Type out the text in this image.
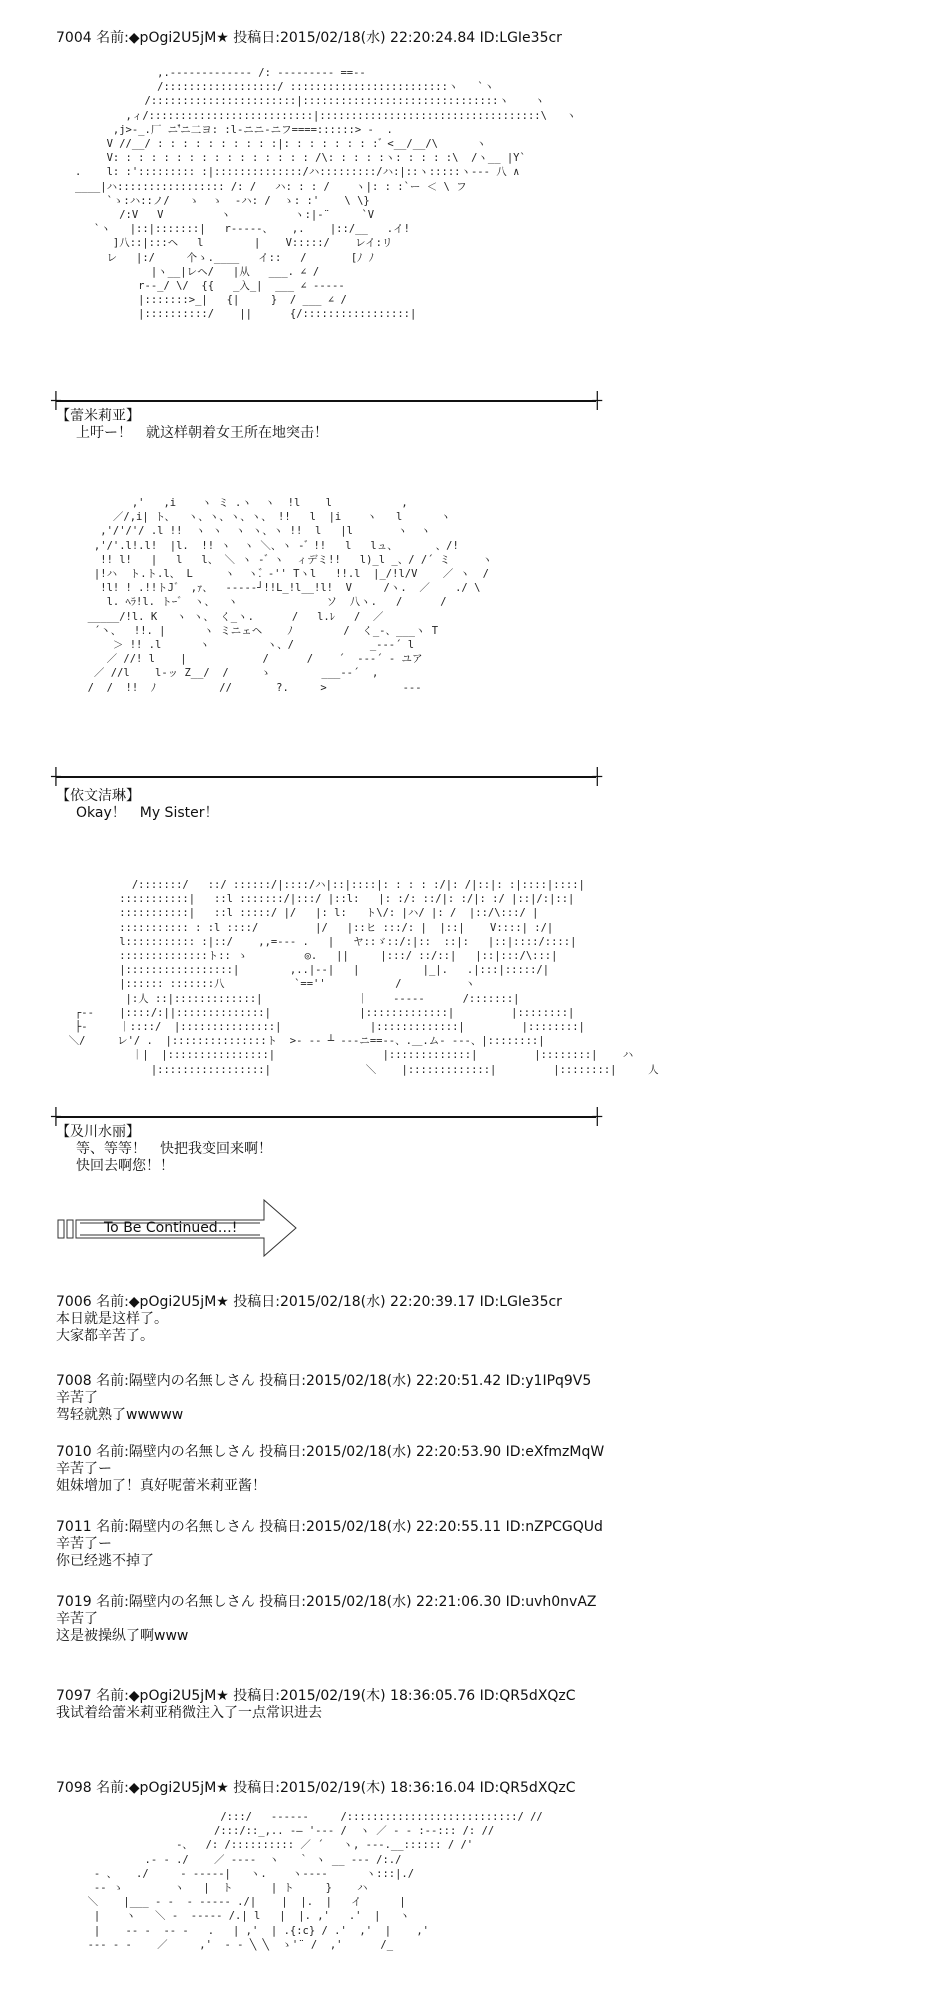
7004 名前:◆pOgi2U5jM★ 投稿日:2015/02/18(水) 22:20:24.84 ID:LGIe35cr
,.-‐‐‐‐‐‐‐‐‐‐-‐ /: ‐‐‐‐‐‐‐‐‐ ==-‐
/::::::::::::::::::/ :::::::::::::::::::::::::ヽ   `ヽ
/:::::::::::::::::::::::|:::::::::::::::::::::::::::::::ヽ    ヽ
,ィ/::::::::::::::::::::::::::|:::::::::::::::::::::::::::::::::::\   ヽ
,j>‐_.厂 ニ'゙ニ二ヨ: :l‐ニニ‐ニフ====::::::> ‐  .
V //__/ : : : : : : : : : :|: : : : : : : : ゙ <__/__/\      ヽ
V: : : : : : : : : : : : : : : : /\: : : : :ヽ: : : : :\  /ヽ__ |Y`
.    l: :'::::::::: :|::::::::::::::/ハ:::::::::/ハ:|::ヽ:::::ヽ‐‐‐ 八 ∧
____|ハ::::::::::::::::: /: /   ハ: : : /    ヽ|: : :`ー ＜ \ フ
`ゝ:ハ::ノ/   ゝ  ゝ  ‐ハ: /  ゝ: :'    \ \}
/:V   V         ヽ          ヽ:|‐¨     `V
`ヽ   |::|:::::::|   r‐‐‐‐-、   ,.    |::/__   .イ!
]八::|:::ヘ   l        |    V:::::/    レイ:リ
レ   |:/     个ゝ.____   イ::   /       [ﾉ ﾉ
|ヽ__|レヘ/   |从   ___. ∠ /
r‐-_/ \/  {{   _入_|  ___ ∠ ‐‐‐‐‐
|:::::::>_|   {|     }  / ___ ∠ /
|::::::::::/    ||      {/:::::::::::::::::|
┼	┼
【蕾米莉亚】
上吁ー！　就这样朝着女王所在地突击！
,'   ,i    ヽ ミ .ヽ  ヽ  !l    l           ,
／/,i| ト、  ヽ、ヽ、ヽ、ヽ、 !!   l  |i    ヽ   l      ヽ
,'/'/'/ .l !!  ヽ ヽ  ヽ ヽ、ヽ !!  l   |l       ヽ  ヽ
,'/'.l!.l!  |l.  !! ヽ  ヽ ＼、ヽ ‐ ゙ !!   l   lュ、      、/!
!! l!   |   l   l、 ＼ ヽ ‐ ゙ ヽ  ィデミ!!   l)_l _、/ /´ ミ     ヽ
|!ハ  ト.ト.l、 L     ヽ  ヽ.゙ ‐'' Tヽl   !!.l  |_/!l/V    ／ ヽ  /
!l! ! .!!トJ゛ ,ｧ、  ‐‐‐‐‐┘!!L_!l__!l!  V     /ヽ.  ／    ./ \
l. ﾍﾗ!l. トｰ゛ ヽ、  ヽ              ソ  八ヽ.   /      /
_____/!l. K   ヽ ヽ、 く_ヽ.      /   l.ﾚ   /  ／
´丶、  !!. |      ヽ ミニェヘ    ﾉ        /  く_‐、___ヽ T
＞ !! .l      ヽ         ヽ、/            _‐‐‐´ l
／ //! l    |            /      /    ´  ‐‐‐´ ‐ ユア
／ //l    l‐ッ Z__/  /     ゝ        ___‐‐´  ,
/  /  !!  ﾉ          //       ?.     >            ‐‐‐
┼	┼
【依文洁琳】
Okay！　My Sister！
/:::::::/   ::/ ::::::/|::::/ハ|::|::::|: : : : :/|: /|::|: :|::::|::::|
:::::::::::|   ::l :::::::/|:::/ |::l:   |: :/: ::/|: :/|: :/ |::|/:|::|
:::::::::::|   ::l :::::/ |/   |: l:   ト\/: |ハ/ |: /  |::/\:::/ |
::::::::::: : :l ::::/         |/   |::ヒ :::/: |  |::|    V::::| :/|
l::::::::::: :|::/    ,,=‐‐‐ .   |   ヤ::ゞ::/:|::  ::|:   |::|::::/::::|
::::::::::::::ト:: ゝ         ◎.   ||     |:::/ ::/::|   |::|:::/\:::|
|:::::::::::::::::|        ,..|‐‐|   |          |_|.   .|:::|:::::/|
|:::::: :::::::八           `==''           /          ヽ
|:人 ::|:::::::::::::|               ｜    ‐‐‐‐‐      /:::::::|
┌‐‐    |::::/:||::::::::::::::|              |:::::::::::::|         |::::::::|
├‐     ｜::::/  |:::::::::::::::|              |:::::::::::::|         |::::::::|
＼/     レ'/ .  |:::::::::::::::ト  >‐ ‐‐ ┴ ‐‐‐ニ==‐-、.＿.ム‐ ‐‐‐、|::::::::|
｜|  |::::::::::::::::|                 |:::::::::::::|         |::::::::|    ハ
|:::::::::::::::::|               ＼    |:::::::::::::|         |::::::::|     人
┼	┼
【及川水丽】
等、等等！　快把我变回来啊！
快回去啊您！！
To Be Continued…!
7006 名前:◆pOgi2U5jM★ 投稿日:2015/02/18(水) 22:20:39.17 ID:LGIe35cr
本日就是这样了。
大家都辛苦了。
7008 名前:隔壁内の名無しさん 投稿日:2015/02/18(水) 22:20:51.42 ID:y1IPq9V5
辛苦了
驾轻就熟了wwwww
7010 名前:隔壁内の名無しさん 投稿日:2015/02/18(水) 22:20:53.90 ID:eXfmzMqW
辛苦了ー
姐妹增加了！真好呢蕾米莉亚酱！
7011 名前:隔壁内の名無しさん 投稿日:2015/02/18(水) 22:20:55.11 ID:nZPCGQUd
辛苦了ー
你已经逃不掉了
7019 名前:隔壁内の名無しさん 投稿日:2015/02/18(水) 22:21:06.30 ID:uvh0nvAZ
辛苦了
这是被操纵了啊www
7097 名前:◆pOgi2U5jM★ 投稿日:2015/02/19(木) 18:36:05.76 ID:QR5dXQzC
我试着给蕾米莉亚稍微注入了一点常识进去
7098 名前:◆pOgi2U5jM★ 投稿日:2015/02/19(木) 18:36:16.04 ID:QR5dXQzC
/:::/   ‐‐‐‐‐‐     /:::::::::::::::::::::::::::/ //
/:::/::_,.. -― '‐‐‐ /  ヽ ／ ‐ ‐ :‐‐::: /: //
‐、  /: /:::::::::: ／ ´   ヽ, ‐‐‐.__:::::: / /'
.- ‐ ./    ／ ‐‐‐‐  ヽ   ｀ ヽ __ ‐‐‐ /:./
‐ 、   ./     ‐ ‐‐‐‐‐|   ヽ.    ヽ‐‐‐‐      ヽ:::|./
‐‐ ゝ        ヽ   |  ト      | ト     }    ハ
＼    |___ ‐ ‐  ‐ ‐‐‐‐‐ ./|    |  |.  |   イ      |
|    ヽ   ＼ ‐  ‐‐‐‐‐ /.| l   |  |. ,'   .'  |   ヽ
|    ‐‐ ‐  ‐‐ ‐   .   | ,'  | .{:c} / .'  ,'  |    ,'
‐‐‐ ‐ ‐    ／     ,'  ‐ ‐ ╲ ╲  ゝ'¨ /  ,'      /_
